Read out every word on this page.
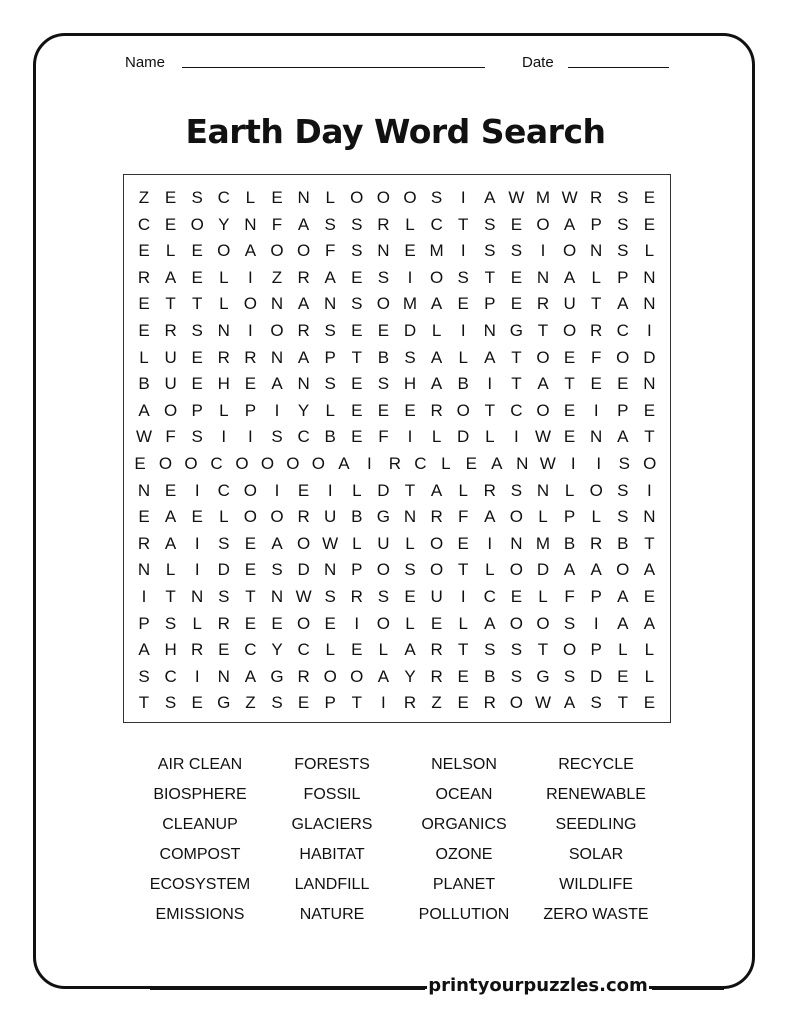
Name	Date
Earth Day Word Search
Z E S C L E N L O O O S	I	A W M W R S E
C E O Y N F A S S R L C T S E O A P S E
E L E O A O O F S N E M	I	S S	I	O N S L
R A E L	I	Z R A E S	I	O S T E N A L P N
E T T L O N A N S O M A E P E R U T A N
E R S N	I	O R S E E D L	I	N G T O R C	I
L U E R R N A P T B S A L A T O E F O D
B U E H E A N S E S H A B	I	T A T E E N
A O P L P	I	Y L E E E R O T C O E	I	P E
W F S	I	I	S C B E F	I	L D L	I W E N A T
E O O C O O O O A	I R C L E A N W I	I	S O
N E	I	C O	I	E	I	L D T A L R S N L O S	I
E A E L O O R U B G N R F A O L P L S N
R A	I	S E A O W L U L O E	I	N M B R B T
N L	I	D E S D N P O S O T L O D A A O A
I	T N S T N W S R S E U	I	C E L F P A E
P S L R E E O E	I	O L E L A O O S	I	A A
A H R E C Y C L E L A R T S S T O P L	L
S C	I	N A G R O O A Y R E B S G S D E L
T S E G Z S E P T	I	R Z E R O W A S T E
AIR CLEAN	FORESTS	NELSON	RECYCLE
BIOSPHERE	FOSSIL	OCEAN	RENEWABLE
CLEANUP	GLACIERS	ORGANICS	SEEDLING
COMPOST	HABITAT	OZONE	SOLAR
ECOSYSTEM	LANDFILL	PLANET	WILDLIFE
EMISSIONS	NATURE	POLLUTION	ZERO WASTE
printyourpuzzles.com
